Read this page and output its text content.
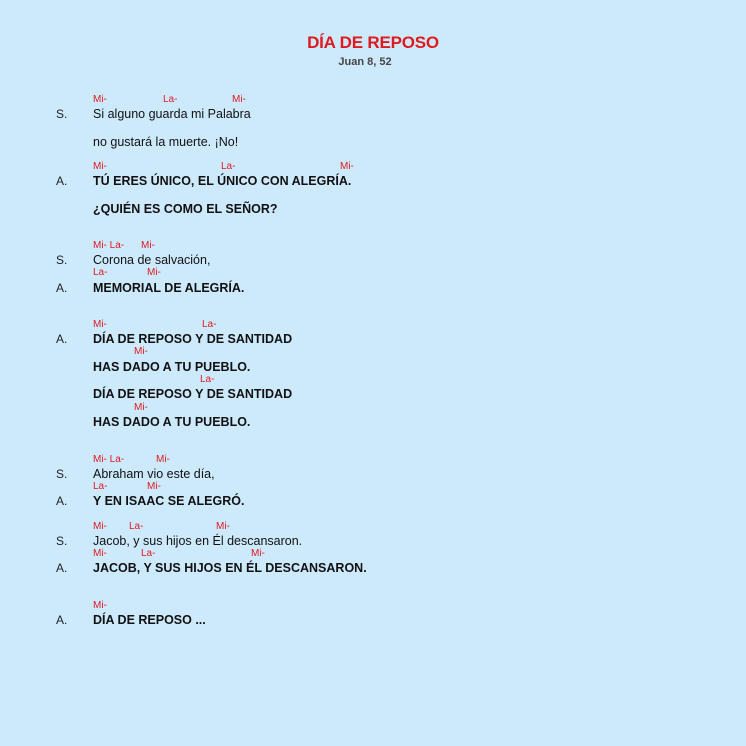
DÍA DE REPOSO
Juan 8, 52
Mi-	La-	Mi-
S. Si alguno guarda mi Palabra
no gustará la muerte. ¡No!
Mi-	La-	Mi-
A. TÚ ERES ÚNICO, EL ÚNICO CON ALEGRÍA.
¿QUIÉN ES COMO EL SEÑOR?
Mi- La- Mi-
S. Corona de salvación,
La-	Mi-
A. MEMORIAL DE ALEGRÍA.
Mi-	La-
A. DÍA DE REPOSO Y DE SANTIDAD
Mi-
HAS DADO A TU PUEBLO.
La-
DÍA DE REPOSO Y DE SANTIDAD
Mi-
HAS DADO A TU PUEBLO.
Mi- La-	Mi-
S. Abraham vio este día,
La-	Mi-
A. Y EN ISAAC SE ALEGRÓ.
Mi- La-	Mi-
S. Jacob, y sus hijos en Él descansaron.
Mi-	La-	Mi-
A. JACOB, Y SUS HIJOS EN ÉL DESCANSARON.
Mi-
A. DÍA DE REPOSO ...
